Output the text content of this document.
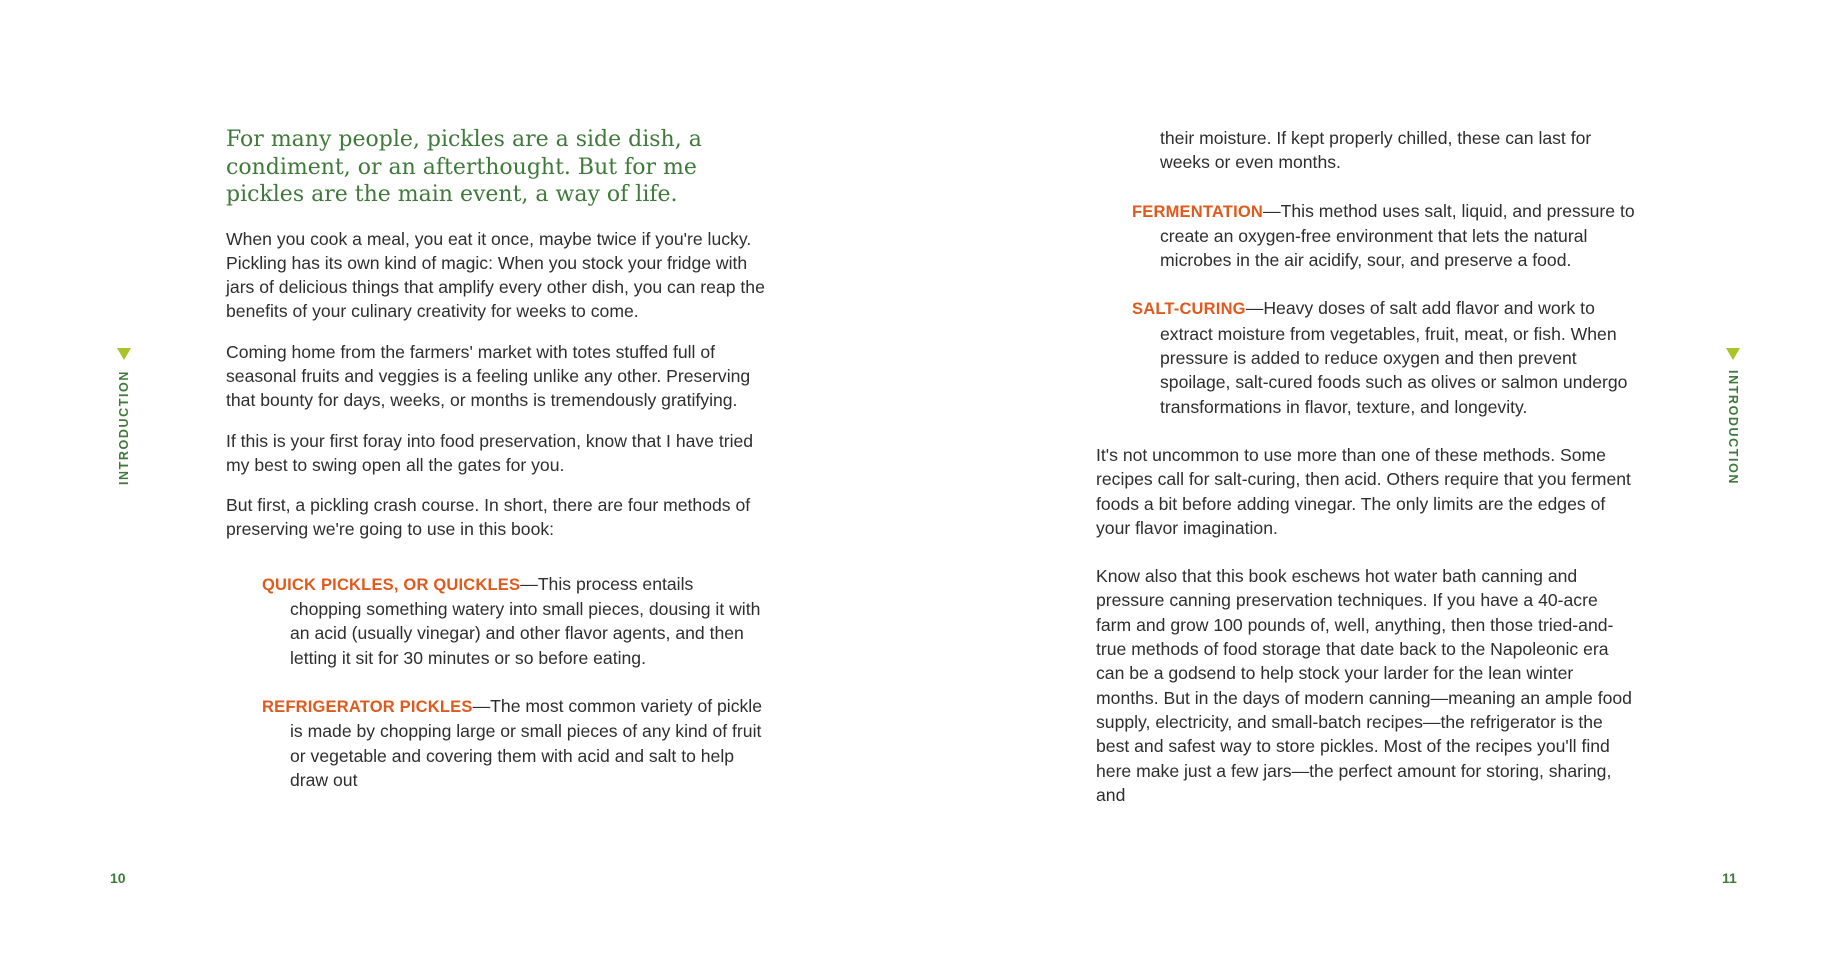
For many people, pickles are a side dish, a condiment, or an afterthought. But for me pickles are the main event, a way of life.

When you cook a meal, you eat it once, maybe twice if you're lucky. Pickling has its own kind of magic: When you stock your fridge with jars of delicious things that amplify every other dish, you can reap the benefits of your culinary creativity for weeks to come.

Coming home from the farmers' market with totes stuffed full of seasonal fruits and veggies is a feeling unlike any other. Preserving that bounty for days, weeks, or months is tremendously gratifying.

If this is your first foray into food preservation, know that I have tried my best to swing open all the gates for you.

But first, a pickling crash course. In short, there are four methods of preserving we're going to use in this book:

QUICK PICKLES, OR QUICKLES—This process entails chopping something watery into small pieces, dousing it with an acid (usually vinegar) and other flavor agents, and then letting it sit for 30 minutes or so before eating.

REFRIGERATOR PICKLES—The most common variety of pickle is made by chopping large or small pieces of any kind of fruit or vegetable and covering them with acid and salt to help draw out

their moisture. If kept properly chilled, these can last for weeks or even months.

FERMENTATION—This method uses salt, liquid, and pressure to create an oxygen-free environment that lets the natural microbes in the air acidify, sour, and preserve a food.

SALT-CURING—Heavy doses of salt add flavor and work to extract moisture from vegetables, fruit, meat, or fish. When pressure is added to reduce oxygen and then prevent spoilage, salt-cured foods such as olives or salmon undergo transformations in flavor, texture, and longevity.

It's not uncommon to use more than one of these methods. Some recipes call for salt-curing, then acid. Others require that you ferment foods a bit before adding vinegar. The only limits are the edges of your flavor imagination.

Know also that this book eschews hot water bath canning and pressure canning preservation techniques. If you have a 40-acre farm and grow 100 pounds of, well, anything, then those tried-and-true methods of food storage that date back to the Napoleonic era can be a godsend to help stock your larder for the lean winter months. But in the days of modern canning—meaning an ample food supply, electricity, and small-batch recipes—the refrigerator is the best and safest way to store pickles. Most of the recipes you'll find here make just a few jars—the perfect amount for storing, sharing, and

INTRODUCTION	INTRODUCTION
10	11
